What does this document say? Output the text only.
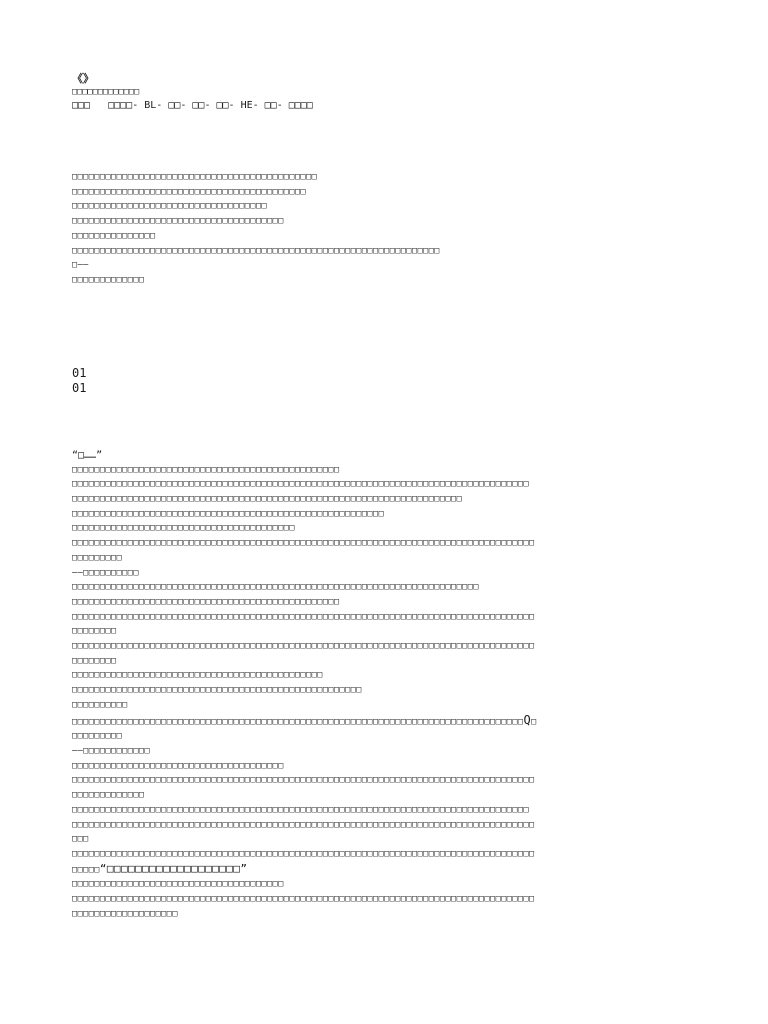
《》
□□□□□□□□□□□□□
□□□   □□□□- BL- □□- □□- □□- HE- □□- □□□□
□□□□□□□□□□□□□□□□□□□□□□□□□□□□□□□□□□□□□□□□□□□□
□□□□□□□□□□□□□□□□□□□□□□□□□□□□□□□□□□□□□□□□□□
□□□□□□□□□□□□□□□□□□□□□□□□□□□□□□□□□□□
□□□□□□□□□□□□□□□□□□□□□□□□□□□□□□□□□□□□□□
□□□□□□□□□□□□□□□
□□□□□□□□□□□□□□□□□□□□□□□□□□□□□□□□□□□□□□□□□□□□□□□□□□□□□□□□□□□□□□□□□□
□——
□□□□□□□□□□□□□
01
01
“□……”
□□□□□□□□□□□□□□□□□□□□□□□□□□□□□□□□□□□□□□□□□□□□□□□□
□□□□□□□□□□□□□□□□□□□□□□□□□□□□□□□□□□□□□□□□□□□□□□□□□□□□□□□□□□□□□□□□□□□□□□□□□□□□□□□□□□
□□□□□□□□□□□□□□□□□□□□□□□□□□□□□□□□□□□□□□□□□□□□□□□□□□□□□□□□□□□□□□□□□□□□□□
□□□□□□□□□□□□□□□□□□□□□□□□□□□□□□□□□□□□□□□□□□□□□□□□□□□□□□□□
□□□□□□□□□□□□□□□□□□□□□□□□□□□□□□□□□□□□□□□□
□□□□□□□□□□□□□□□□□□□□□□□□□□□□□□□□□□□□□□□□□□□□□□□□□□□□□□□□□□□□□□□□□□□□□□□□□□□□□□□□□□□
□□□□□□□□□
——□□□□□□□□□□
□□□□□□□□□□□□□□□□□□□□□□□□□□□□□□□□□□□□□□□□□□□□□□□□□□□□□□□□□□□□□□□□□□□□□□□□□
□□□□□□□□□□□□□□□□□□□□□□□□□□□□□□□□□□□□□□□□□□□□□□□□
□□□□□□□□□□□□□□□□□□□□□□□□□□□□□□□□□□□□□□□□□□□□□□□□□□□□□□□□□□□□□□□□□□□□□□□□□□□□□□□□□□□
□□□□□□□□
□□□□□□□□□□□□□□□□□□□□□□□□□□□□□□□□□□□□□□□□□□□□□□□□□□□□□□□□□□□□□□□□□□□□□□□□□□□□□□□□□□□
□□□□□□□□
□□□□□□□□□□□□□□□□□□□□□□□□□□□□□□□□□□□□□□□□□□□□□
□□□□□□□□□□□□□□□□□□□□□□□□□□□□□□□□□□□□□□□□□□□□□□□□□□□□
□□□□□□□□□□
□□□□□□□□□□□□□□□□□□□□□□□□□□□□□□□□□□□□□□□□□□□□□□□□□□□□□□□□□□□□□□□□□□□□□□□□□□□□□□□□□Q□
□□□□□□□□□
——□□□□□□□□□□□□
□□□□□□□□□□□□□□□□□□□□□□□□□□□□□□□□□□□□□□
□□□□□□□□□□□□□□□□□□□□□□□□□□□□□□□□□□□□□□□□□□□□□□□□□□□□□□□□□□□□□□□□□□□□□□□□□□□□□□□□□□□
□□□□□□□□□□□□□
□□□□□□□□□□□□□□□□□□□□□□□□□□□□□□□□□□□□□□□□□□□□□□□□□□□□□□□□□□□□□□□□□□□□□□□□□□□□□□□□□□
□□□□□□□□□□□□□□□□□□□□□□□□□□□□□□□□□□□□□□□□□□□□□□□□□□□□□□□□□□□□□□□□□□□□□□□□□□□□□□□□□□□
□□□
□□□□□□□□□□□□□□□□□□□□□□□□□□□□□□□□□□□□□□□□□□□□□□□□□□□□□□□□□□□□□□□□□□□□□□□□□□□□□□□□□□□
□□□□□“□□□□□□□□□□□□□□□□□□□”
□□□□□□□□□□□□□□□□□□□□□□□□□□□□□□□□□□□□□□
□□□□□□□□□□□□□□□□□□□□□□□□□□□□□□□□□□□□□□□□□□□□□□□□□□□□□□□□□□□□□□□□□□□□□□□□□□□□□□□□□□□
□□□□□□□□□□□□□□□□□□□
